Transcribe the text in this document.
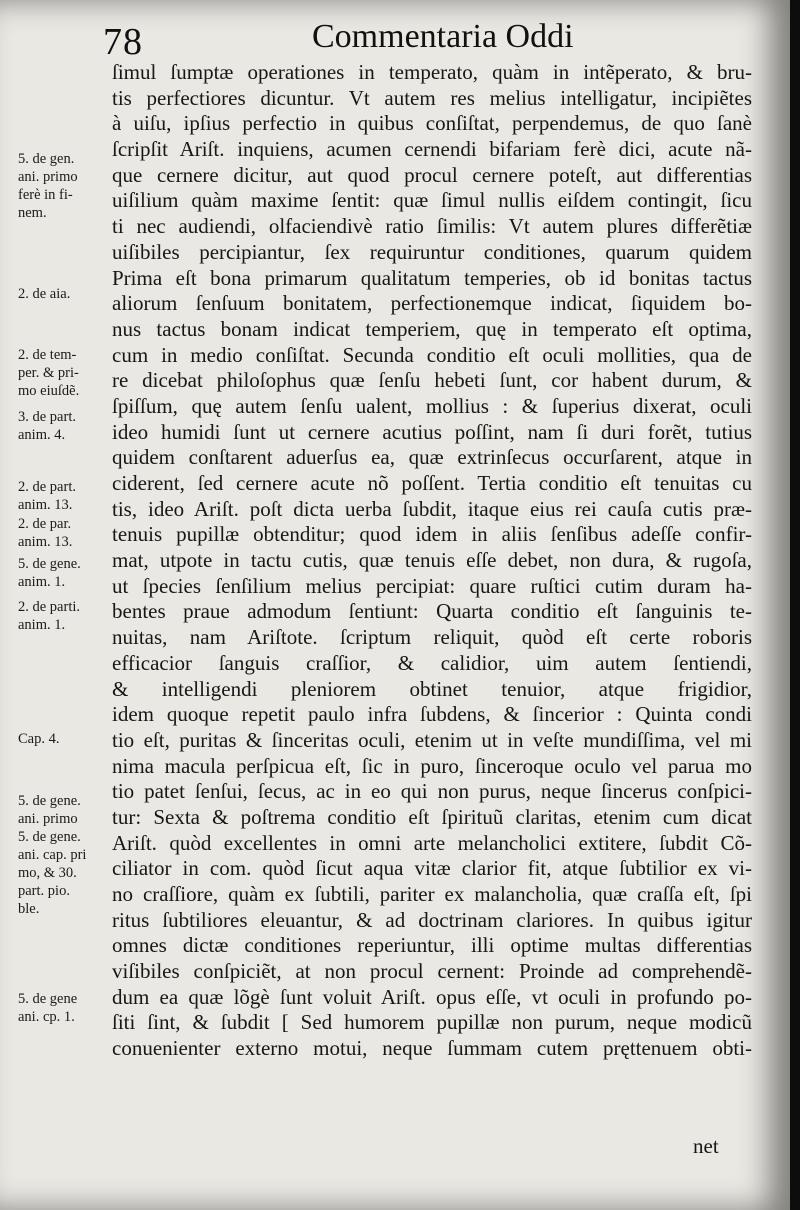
78	Commentaria Oddi
5. de gen.
ani. primo
ferè in fi-
nem.
2. de aia.
2. de tem-
per. & pri-
mo eiuſdẽ.
3. de part.
anim. 4.
2. de part.
anim. 13.
2. de par.
anim. 13.
5. de gene.
anim. 1.
2. de parti.
anim. 1.
Cap. 4.
5. de gene.
ani. primo
5. de gene.
ani. cap. pri
mo, & 30.
part. pio.
ble.
5. de gene
ani. cp. 1.
ſimul ſumptæ operationes in temperato, quàm in intẽperato, & bru-
tis perfectiores dicuntur. Vt autem res melius intelligatur, incipiẽtes
à uiſu, ipſius perfectio in quibus conſiſtat, perpendemus, de quo ſanè
ſcripſit Ariſt. inquiens, acumen cernendi bifariam ferè dici, acute nã-
que cernere dicitur, aut quod procul cernere poteſt, aut differentias
uiſilium quàm maxime ſentit: quæ ſimul nullis eiſdem contingit, ſicu
ti nec audiendi, olfaciendivè ratio ſimilis: Vt autem plures differẽtiæ
uiſibiles percipiantur, ſex requiruntur conditiones, quarum quidem
Prima eſt bona primarum qualitatum temperies, ob id bonitas tactus
aliorum ſenſuum bonitatem, perfectionemque indicat, ſiquidem bo-
nus tactus bonam indicat temperiem, quę in temperato eſt optima,
cum in medio conſiſtat. Secunda conditio eſt oculi mollities, qua de
re dicebat philoſophus quæ ſenſu hebeti ſunt, cor habent durum, &
ſpiſſum, quę autem ſenſu ualent, mollius : & ſuperius dixerat, oculi
ideo humidi ſunt ut cernere acutius poſſint, nam ſi duri forẽt, tutius
quidem conſtarent aduerſus ea, quæ extrinſecus occurſarent, atque in
ciderent, ſed cernere acute nõ poſſent. Tertia conditio eſt tenuitas cu
tis, ideo Ariſt. poſt dicta uerba ſubdit, itaque eius rei cauſa cutis præ-
tenuis pupillæ obtenditur; quod idem in aliis ſenſibus adeſſe confir-
mat, utpote in tactu cutis, quæ tenuis eſſe debet, non dura, & rugoſa,
ut ſpecies ſenſilium melius percipiat: quare ruſtici cutim duram ha-
bentes praue admodum ſentiunt: Quarta conditio eſt ſanguinis te-
nuitas, nam Ariſtote. ſcriptum reliquit, quòd eſt certe roboris
efficacior ſanguis craſſior, & calidior, uim autem ſentiendi,
& intelligendi pleniorem obtinet tenuior, atque frigidior,
idem quoque repetit paulo infra ſubdens, & ſincerior : Quinta condi
tio eſt, puritas & ſinceritas oculi, etenim ut in veſte mundiſſima, vel mi
nima macula perſpicua eſt, ſic in puro, ſinceroque oculo vel parua mo
tio patet ſenſui, ſecus, ac in eo qui non purus, neque ſincerus conſpici-
tur: Sexta & poſtrema conditio eſt ſpirituũ claritas, etenim cum dicat
Ariſt. quòd excellentes in omni arte melancholici extitere, ſubdit Cõ-
ciliator in com. quòd ſicut aqua vitæ clarior fit, atque ſubtilior ex vi-
no craſſiore, quàm ex ſubtili, pariter ex malancholia, quæ craſſa eſt, ſpi
ritus ſubtiliores eleuantur, & ad doctrinam clariores. In quibus igitur
omnes dictæ conditiones reperiuntur, illi optime multas differentias
viſibiles conſpiciẽt, at non procul cernent: Proinde ad comprehendẽ-
dum ea quæ lõgè ſunt voluit Ariſt. opus eſſe, vt oculi in profundo po-
ſiti ſint, & ſubdit [ Sed humorem pupillæ non purum, neque modicũ
conuenienter externo motui, neque ſummam cutem pręttenuem obti-
net
